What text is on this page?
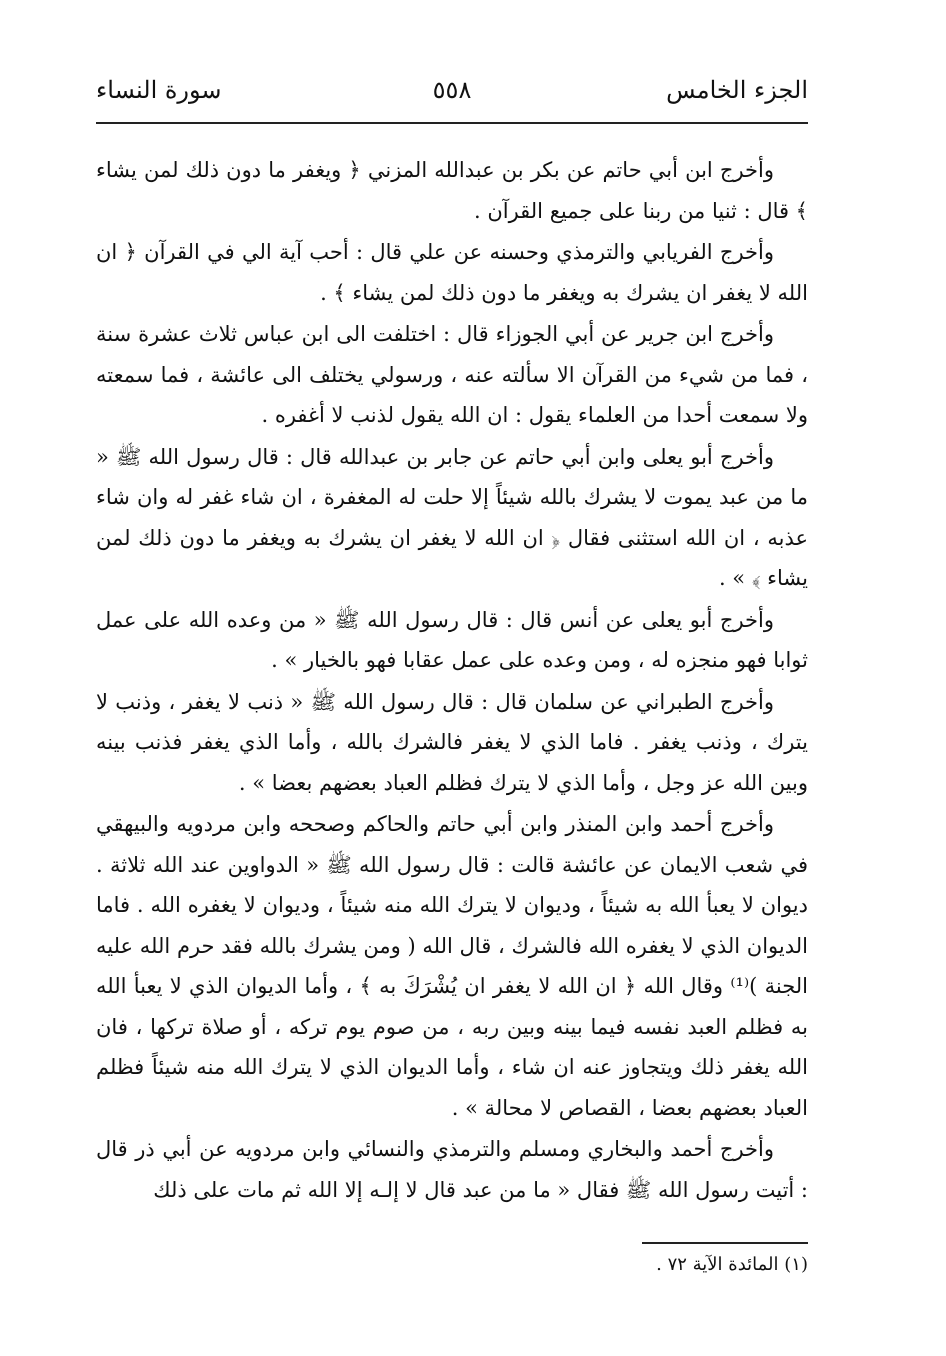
الجزء الخامس
٥٥٨
سورة النساء

وأخرج ابن أبي حاتم عن بكر بن عبدالله المزني ﴿ ويغفر ما دون ذلك لمن يشاء ﴾ قال : ثنيا من ربنا على جميع القرآن .

وأخرج الفريابي والترمذي وحسنه عن علي قال : أحب آية الي في القرآن ﴿ ان الله لا يغفر ان يشرك به ويغفر ما دون ذلك لمن يشاء ﴾ .

وأخرج ابن جرير عن أبي الجوزاء قال : اختلفت الى ابن عباس ثلاث عشرة سنة ، فما من شيء من القرآن الا سألته عنه ، ورسولي يختلف الى عائشة ، فما سمعته ولا سمعت أحدا من العلماء يقول : ان الله يقول لذنب لا أغفره .

وأخرج أبو يعلى وابن أبي حاتم عن جابر بن عبدالله قال : قال رسول الله ﷺ « ما من عبد يموت لا يشرك بالله شيئاً إلا حلت له المغفرة ، ان شاء غفر له وان شاء عذبه ، ان الله استثنى فقال ﴿ ان الله لا يغفر ان يشرك به ويغفر ما دون ذلك لمن يشاء ﴾ » .

وأخرج أبو يعلى عن أنس قال : قال رسول الله ﷺ « من وعده الله على عمل ثوابا فهو منجزه له ، ومن وعده على عمل عقابا فهو بالخيار » .

وأخرج الطبراني عن سلمان قال : قال رسول الله ﷺ « ذنب لا يغفر ، وذنب لا يترك ، وذنب يغفر . فاما الذي لا يغفر فالشرك بالله ، وأما الذي يغفر فذنب بينه وبين الله عز وجل ، وأما الذي لا يترك فظلم العباد بعضهم بعضا » .

وأخرج أحمد وابن المنذر وابن أبي حاتم والحاكم وصححه وابن مردويه والبيهقي في شعب الايمان عن عائشة قالت : قال رسول الله ﷺ « الدواوين عند الله ثلاثة . ديوان لا يعبأ الله به شيئاً ، وديوان لا يترك الله منه شيئاً ، وديوان لا يغفره الله . فاما الديوان الذي لا يغفره الله فالشرك ، قال الله ( ومن يشرك بالله فقد حرم الله عليه الجنة )⁽¹⁾ وقال الله ﴿ ان الله لا يغفر ان يُشْرَكَ به ﴾ ، وأما الديوان الذي لا يعبأ الله به فظلم العبد نفسه فيما بينه وبين ربه ، من صوم يوم تركه ، أو صلاة تركها ، فان الله يغفر ذلك ويتجاوز عنه ان شاء ، وأما الديوان الذي لا يترك الله منه شيئاً فظلم العباد بعضهم بعضا ، القصاص لا محالة » .

وأخرج أحمد والبخاري ومسلم والترمذي والنسائي وابن مردويه عن أبي ذر قال : أتيت رسول الله ﷺ فقال « ما من عبد قال لا إلـه إلا الله ثم مات على ذلك

(١) المائدة الآية ٧٢ .
